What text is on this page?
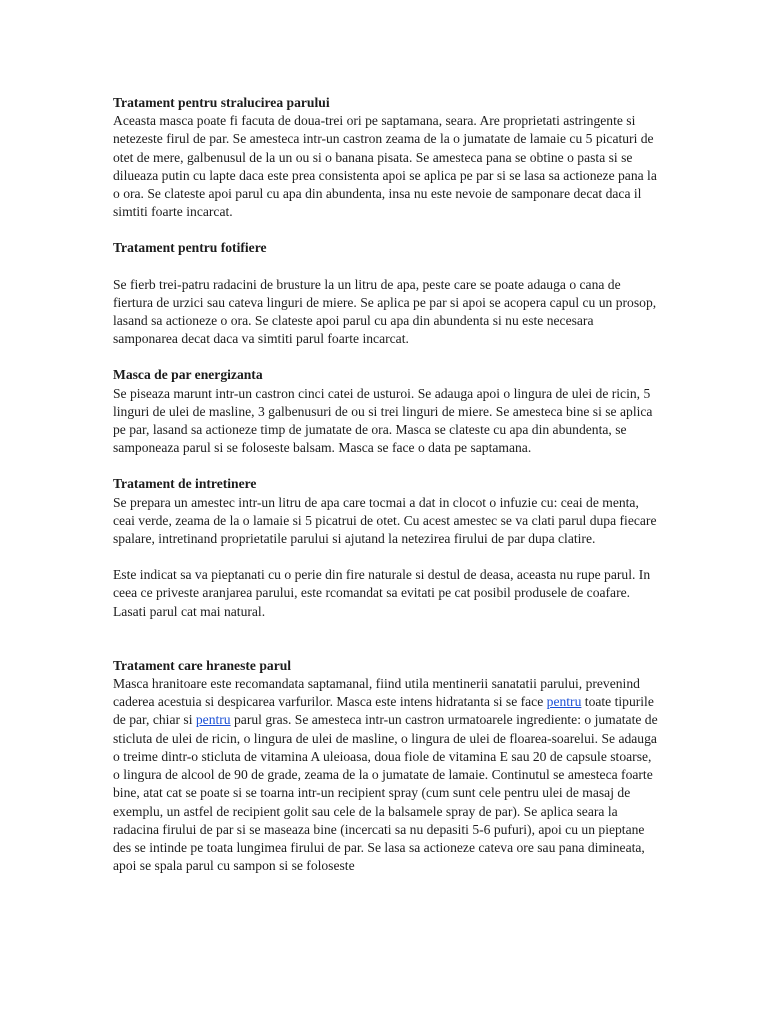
Tratament pentru stralucirea parului

Aceasta masca poate fi facuta de doua-trei ori pe saptamana, seara. Are proprietati astringente si netezeste firul de par. Se amesteca intr-un castron zeama de la o jumatate de lamaie cu 5 picaturi de otet de mere, galbenusul de la un ou si o banana pisata. Se amesteca pana se obtine o pasta si se dilueaza putin cu lapte daca este prea consistenta apoi se aplica pe par si se lasa sa actioneze pana la o ora. Se clateste apoi parul cu apa din abundenta, insa nu este nevoie de samponare decat daca il simtiti foarte incarcat.

Tratament pentru fotifiere

Se fierb trei-patru radacini de brusture la un litru de apa, peste care se poate adauga o cana de fiertura de urzici sau cateva linguri de miere. Se aplica pe par si apoi se acopera capul cu un prosop, lasand sa actioneze o ora. Se clateste apoi parul cu apa din abundenta si nu este necesara samponarea decat daca va simtiti parul foarte incarcat.

Masca de par energizanta

Se piseaza marunt intr-un castron cinci catei de usturoi. Se adauga apoi o lingura de ulei de ricin, 5 linguri de ulei de masline, 3 galbenusuri de ou si trei linguri de miere. Se amesteca bine si se aplica pe par, lasand sa actioneze timp de jumatate de ora. Masca se clateste cu apa din abundenta, se samponeaza parul si se foloseste balsam. Masca se face o data pe saptamana.

Tratament de intretinere

Se prepara un amestec intr-un litru de apa care tocmai a dat in clocot o infuzie cu: ceai de menta, ceai verde, zeama de la o lamaie si 5 picatrui de otet. Cu acest amestec se va clati parul dupa fiecare spalare, intretinand proprietatile parului si ajutand la netezirea firului de par dupa clatire.

Este indicat sa va pieptanati cu o perie din fire naturale si destul de deasa, aceasta nu rupe parul. In ceea ce priveste aranjarea parului, este rcomandat sa evitati pe cat posibil produsele de coafare. Lasati parul cat mai natural.

Tratament care hraneste parul

Masca hranitoare este recomandata saptamanal, fiind utila mentinerii sanatatii parului, prevenind caderea acestuia si despicarea varfurilor. Masca este intens hidratanta si se face pentru toate tipurile de par, chiar si pentru parul gras. Se amesteca intr-un castron urmatoarele ingrediente: o jumatate de sticluta de ulei de ricin, o lingura de ulei de masline, o lingura de ulei de floarea-soarelui. Se adauga o treime dintr-o sticluta de vitamina A uleioasa, doua fiole de vitamina E sau 20 de capsule stoarse, o lingura de alcool de 90 de grade, zeama de la o jumatate de lamaie. Continutul se amesteca foarte bine, atat cat se poate si se toarna intr-un recipient spray (cum sunt cele pentru ulei de masaj de exemplu, un astfel de recipient golit sau cele de la balsamele spray de par). Se aplica seara la radacina firului de par si se maseaza bine (incercati sa nu depasiti 5-6 pufuri), apoi cu un pieptane des se intinde pe toata lungimea firului de par. Se lasa sa actioneze cateva ore sau pana dimineata, apoi se spala parul cu sampon si se foloseste
